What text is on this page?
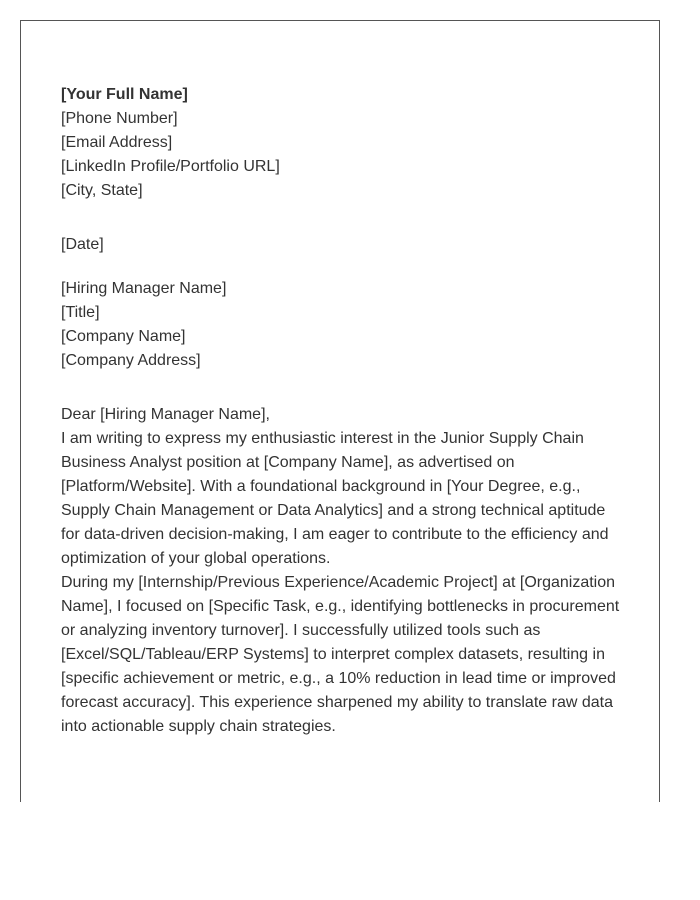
[Your Full Name]
[Phone Number]
[Email Address]
[LinkedIn Profile/Portfolio URL]
[City, State]
[Date]
[Hiring Manager Name]
[Title]
[Company Name]
[Company Address]
Dear [Hiring Manager Name],

I am writing to express my enthusiastic interest in the Junior Supply Chain Business Analyst position at [Company Name], as advertised on [Platform/Website]. With a foundational background in [Your Degree, e.g., Supply Chain Management or Data Analytics] and a strong technical aptitude for data-driven decision-making, I am eager to contribute to the efficiency and optimization of your global operations.

During my [Internship/Previous Experience/Academic Project] at [Organization Name], I focused on [Specific Task, e.g., identifying bottlenecks in procurement or analyzing inventory turnover]. I successfully utilized tools such as [Excel/SQL/Tableau/ERP Systems] to interpret complex datasets, resulting in [specific achievement or metric, e.g., a 10% reduction in lead time or improved forecast accuracy]. This experience sharpened my ability to translate raw data into actionable supply chain strategies.
